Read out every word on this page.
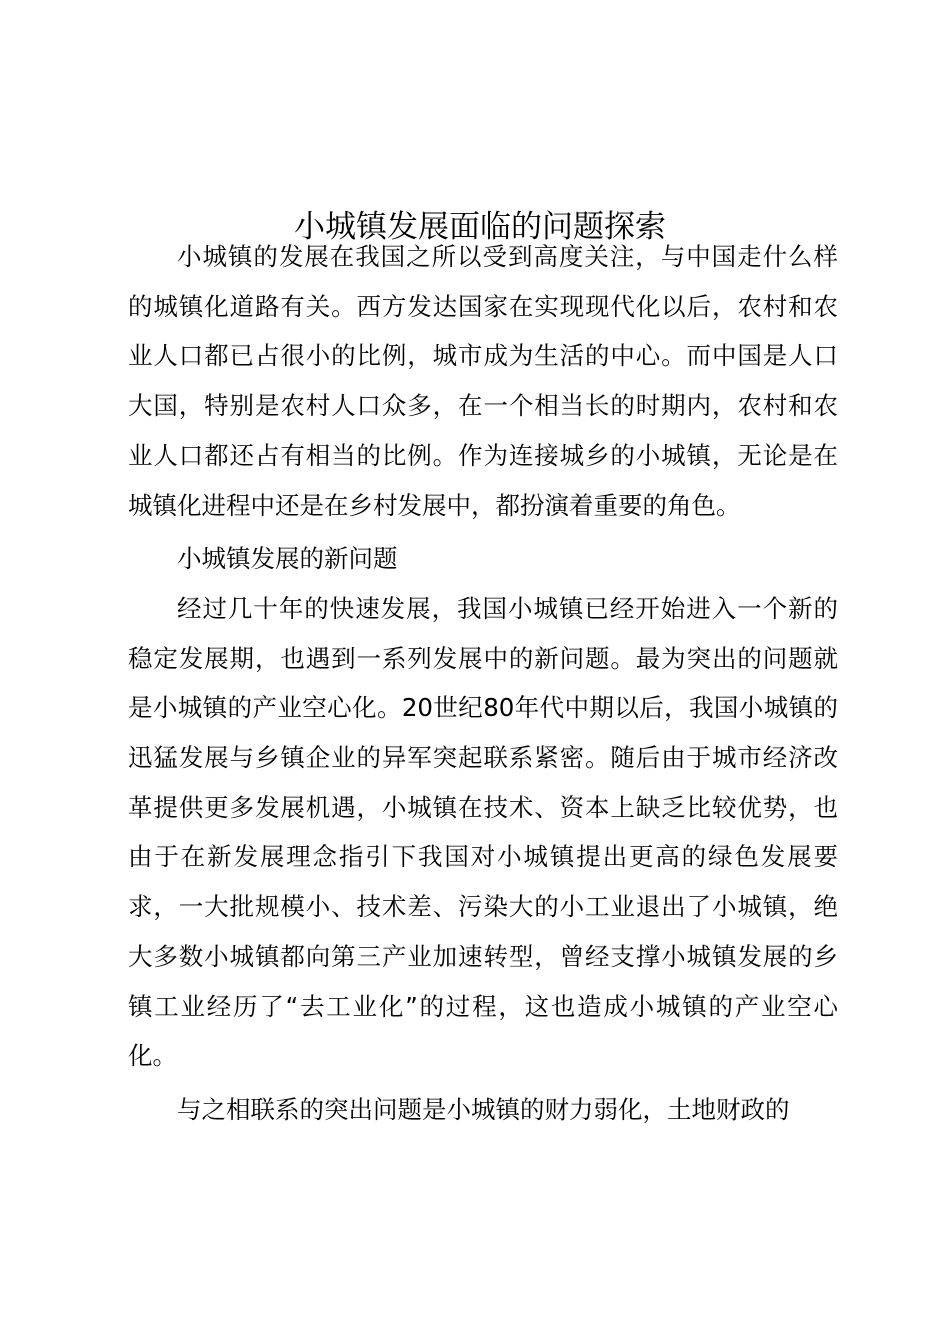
小城镇发展面临的问题探索

小城镇的发展在我国之所以受到高度关注，与中国走什么样的城镇化道路有关。西方发达国家在实现现代化以后，农村和农业人口都已占很小的比例，城市成为生活的中心。而中国是人口大国，特别是农村人口众多，在一个相当长的时期内，农村和农业人口都还占有相当的比例。作为连接城乡的小城镇，无论是在城镇化进程中还是在乡村发展中，都扮演着重要的角色。

小城镇发展的新问题

经过几十年的快速发展，我国小城镇已经开始进入一个新的稳定发展期，也遇到一系列发展中的新问题。最为突出的问题就是小城镇的产业空心化。20世纪80年代中期以后，我国小城镇的迅猛发展与乡镇企业的异军突起联系紧密。随后由于城市经济改革提供更多发展机遇，小城镇在技术、资本上缺乏比较优势，也由于在新发展理念指引下我国对小城镇提出更高的绿色发展要求，一大批规模小、技术差、污染大的小工业退出了小城镇，绝大多数小城镇都向第三产业加速转型，曾经支撑小城镇发展的乡镇工业经历了“去工业化”的过程，这也造成小城镇的产业空心化。

与之相联系的突出问题是小城镇的财力弱化，土地财政的
